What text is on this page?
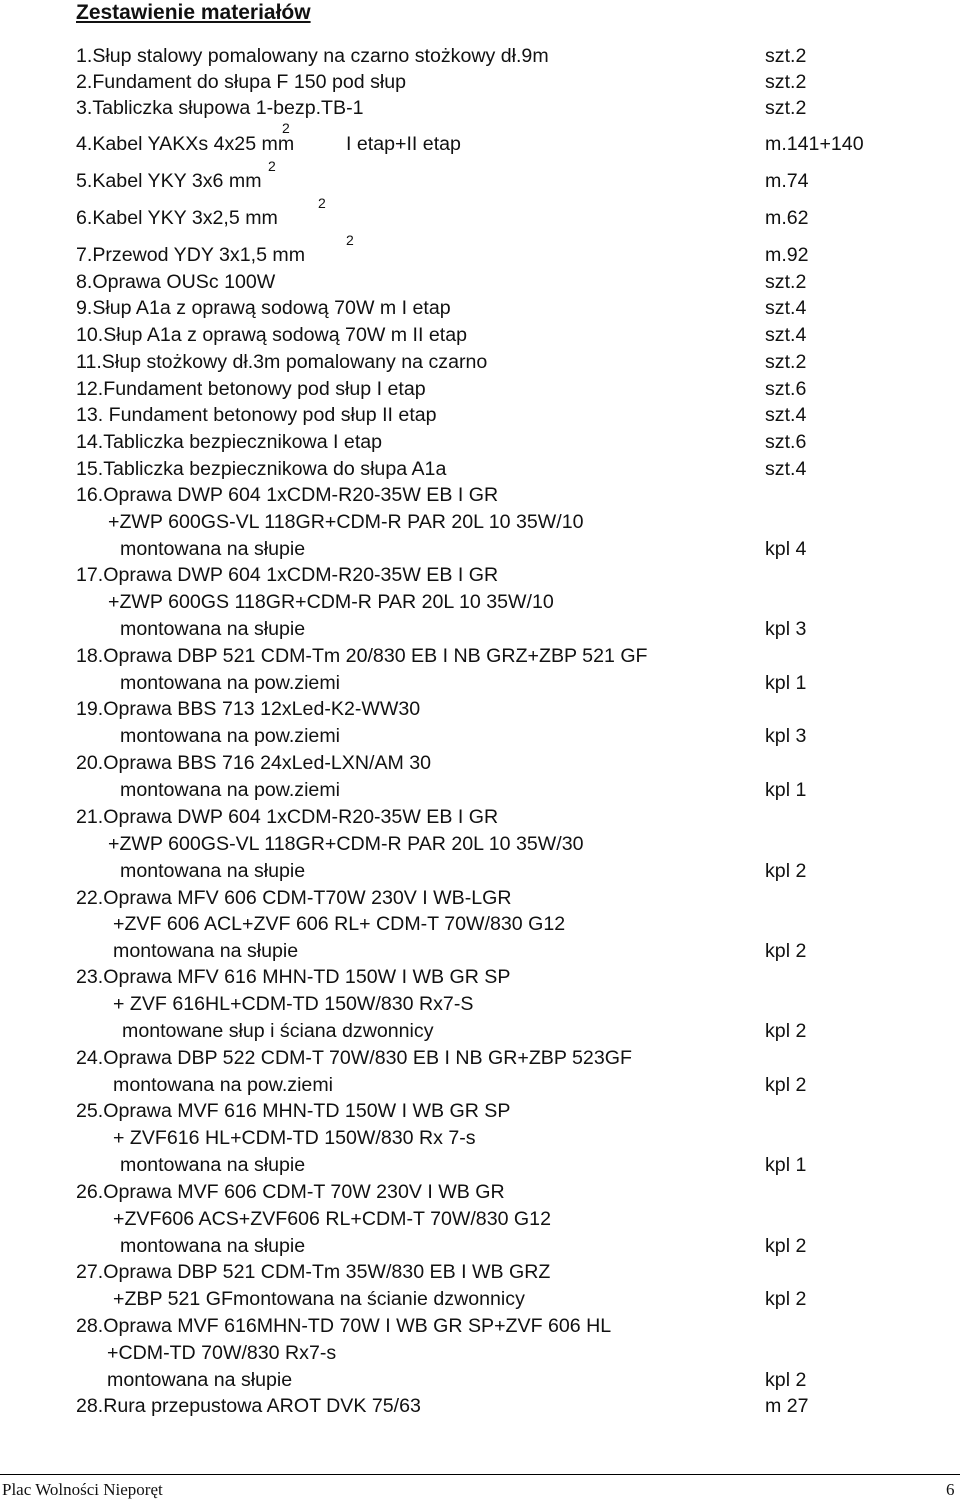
Zestawienie materiałów
1.Słup stalowy pomalowany na czarno stożkowy dł.9m	szt.2
2.Fundament do słupa F 150 pod słup	szt.2
3.Tabliczka słupowa 1-bezp.TB-1	szt.2
4.Kabel YAKXs 4x25 mm	I etap+II etap	m.141+140
2
5.Kabel YKY 3x6 mm	m.74
2
6.Kabel YKY 3x2,5 mm	m.62
2
7.Przewod YDY 3x1,5 mm	m.92
2
8.Oprawa OUSc 100W	szt.2
9.Słup A1a z oprawą sodową 70W m I etap	szt.4
10.Słup A1a z oprawą sodową 70W m II etap	szt.4
11.Słup stożkowy dł.3m pomalowany na czarno	szt.2
12.Fundament betonowy pod słup I etap	szt.6
13. Fundament betonowy pod słup II etap	szt.4
14.Tabliczka bezpiecznikowa I etap	szt.6
15.Tabliczka bezpiecznikowa do słupa A1a	szt.4
16.Oprawa DWP 604 1xCDM-R20-35W EB I GR
+ZWP 600GS-VL 118GR+CDM-R PAR 20L 10 35W/10
montowana na słupie	kpl 4
17.Oprawa DWP 604 1xCDM-R20-35W EB I GR
+ZWP 600GS 118GR+CDM-R PAR 20L 10 35W/10
montowana na słupie	kpl 3
18.Oprawa DBP 521 CDM-Tm 20/830 EB I NB GRZ+ZBP 521 GF
montowana na pow.ziemi	kpl 1
19.Oprawa BBS 713 12xLed-K2-WW30
montowana na pow.ziemi	kpl 3
20.Oprawa BBS 716 24xLed-LXN/AM 30
montowana na pow.ziemi	kpl 1
21.Oprawa DWP 604 1xCDM-R20-35W EB I GR
+ZWP 600GS-VL 118GR+CDM-R PAR 20L 10 35W/30
montowana na słupie	kpl 2
22.Oprawa MFV 606 CDM-T70W 230V I WB-LGR
+ZVF 606 ACL+ZVF 606 RL+ CDM-T 70W/830 G12
montowana na słupie	kpl 2
23.Oprawa MFV 616 MHN-TD 150W I WB GR SP
+ ZVF 616HL+CDM-TD 150W/830 Rx7-S
montowane słup i ściana dzwonnicy	kpl 2
24.Oprawa DBP 522 CDM-T 70W/830 EB I NB GR+ZBP 523GF
montowana na pow.ziemi	kpl 2
25.Oprawa MVF 616 MHN-TD 150W I WB GR SP
+ ZVF616 HL+CDM-TD 150W/830 Rx 7-s
montowana na słupie	kpl 1
26.Oprawa MVF 606 CDM-T 70W 230V I WB GR
+ZVF606 ACS+ZVF606 RL+CDM-T 70W/830 G12
montowana na słupie	kpl 2
27.Oprawa DBP 521 CDM-Tm 35W/830 EB I WB GRZ
+ZBP 521 GFmontowana na ścianie dzwonnicy	kpl 2
28.Oprawa MVF 616MHN-TD 70W I WB GR SP+ZVF 606 HL
+CDM-TD 70W/830 Rx7-s
montowana na słupie	kpl 2
28.Rura przepustowa AROT DVK 75/63	m 27
Plac Wolności Nieporęt	6
